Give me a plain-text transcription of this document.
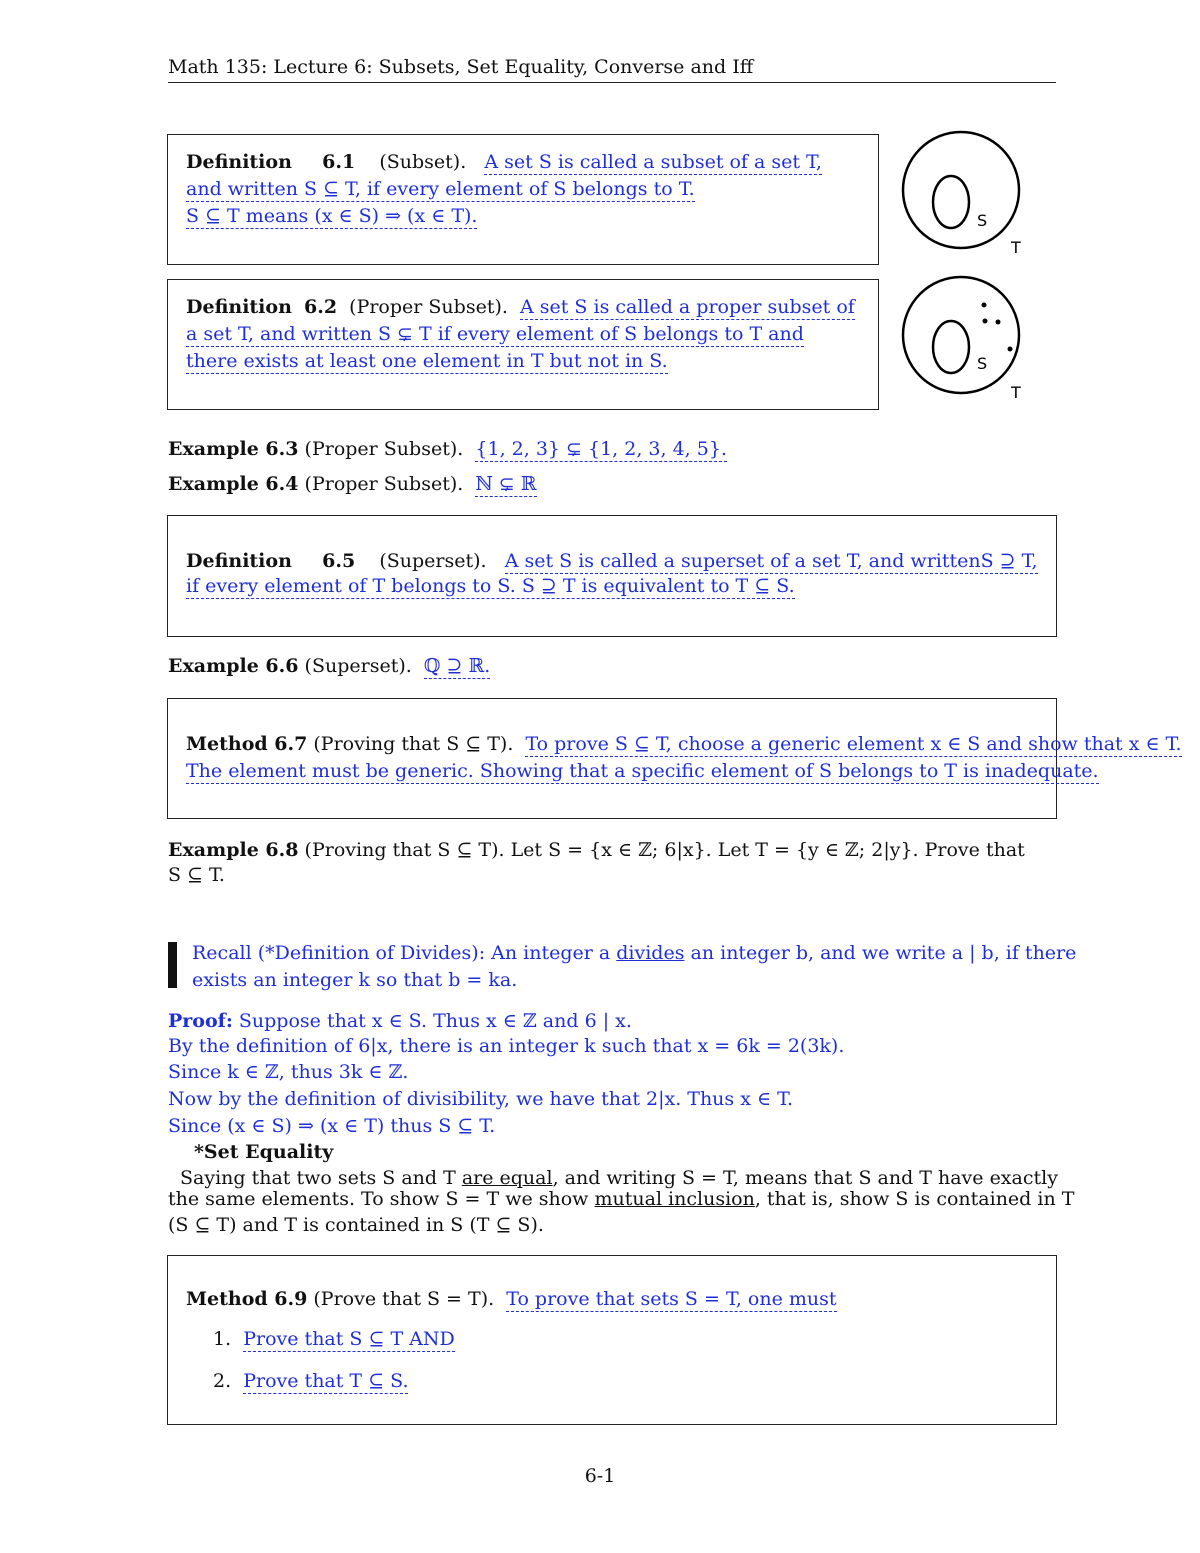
Math 135: Lecture 6: Subsets, Set Equality, Converse and Iff
Definition 6.1 (Subset). A set S is called a subset of a set T,
and written S ⊆ T, if every element of S belongs to T.
S ⊆ T means (x ∈ S) ⇒ (x ∈ T).	S
T
Definition 6.2 (Proper Subset). A set S is called a proper subset of
a set T, and written S ⊊ T if every element of S belongs to T and
there exists at least one element in T but not in S.	S
T
Example 6.3 (Proper Subset). {1, 2, 3} ⊊ {1, 2, 3, 4, 5}.
Example 6.4 (Proper Subset). ℕ ⊊ ℝ
Definition 6.5 (Superset). A set S is called a superset of a set T, and writtenS ⊇ T,
if every element of T belongs to S. S ⊇ T is equivalent to T ⊆ S.
Example 6.6 (Superset). ℚ ⊇ ℝ.
Method 6.7 (Proving that S ⊆ T). To prove S ⊆ T, choose a generic element x ∈ S and show that x ∈ T.
The element must be generic. Showing that a specific element of S belongs to T is inadequate.
Example 6.8 (Proving that S ⊆ T). Let S = {x ∈ ℤ; 6|x}. Let T = {y ∈ ℤ; 2|y}. Prove that
S ⊆ T.
Recall (*Definition of Divides): An integer a divides an integer b, and we write a | b, if there
exists an integer k so that b = ka.
Proof: Suppose that x ∈ S. Thus x ∈ ℤ and 6 | x.
By the definition of 6|x, there is an integer k such that x = 6k = 2(3k).
Since k ∈ ℤ, thus 3k ∈ ℤ.
Now by the definition of divisibility, we have that 2|x. Thus x ∈ T.
Since (x ∈ S) ⇒ (x ∈ T) thus S ⊆ T.
*Set Equality
Saying that two sets S and T are equal, and writing S = T, means that S and T have exactly
the same elements. To show S = T we show mutual inclusion, that is, show S is contained in T
(S ⊆ T) and T is contained in S (T ⊆ S).
Method 6.9 (Prove that S = T). To prove that sets S = T, one must
1. Prove that S ⊆ T AND
2. Prove that T ⊆ S.
6-1
